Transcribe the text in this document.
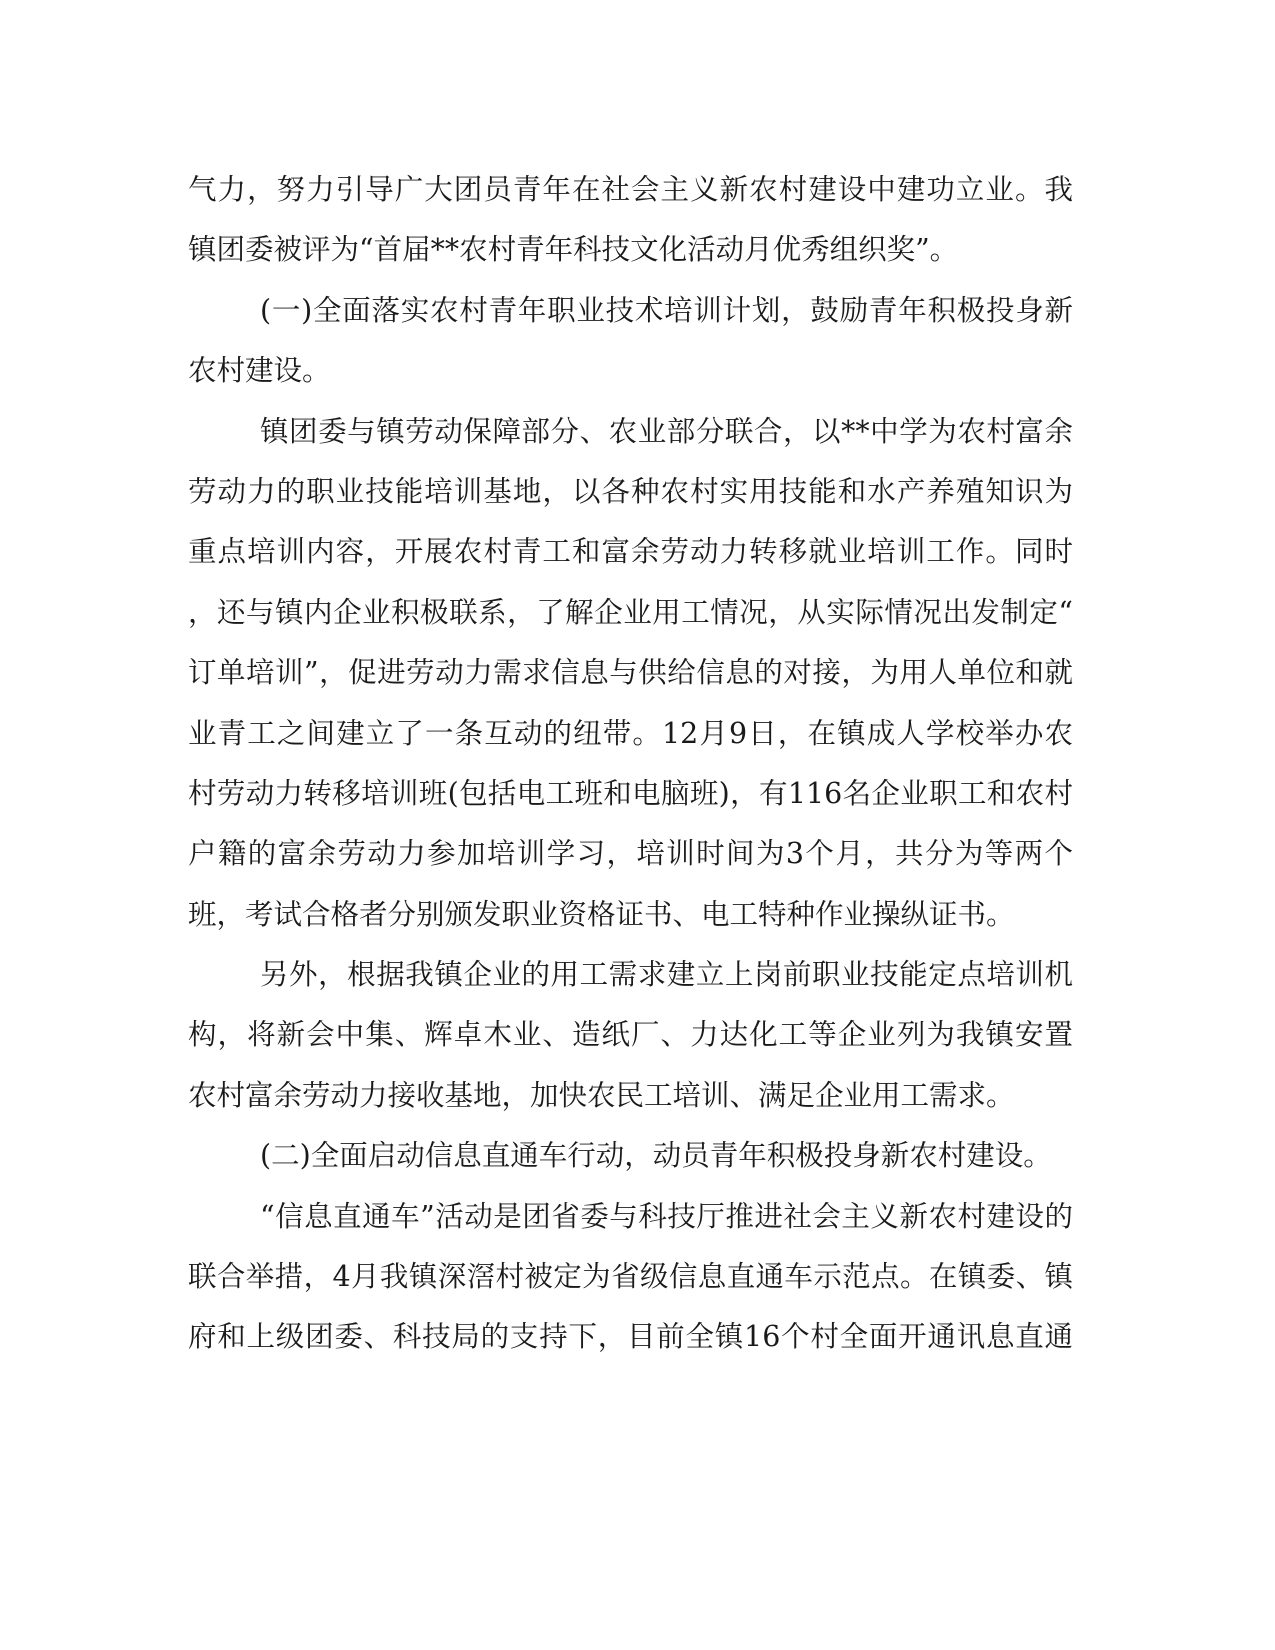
气力，努力引导广大团员青年在社会主义新农村建设中建功立业。我
镇团委被评为“首届**农村青年科技文化活动月优秀组织奖”。
(一)全面落实农村青年职业技术培训计划，鼓励青年积极投身新
农村建设。
镇团委与镇劳动保障部分、农业部分联合，以**中学为农村富余
劳动力的职业技能培训基地，以各种农村实用技能和水产养殖知识为
重点培训内容，开展农村青工和富余劳动力转移就业培训工作。同时
，还与镇内企业积极联系，了解企业用工情况，从实际情况出发制定“
订单培训”，促进劳动力需求信息与供给信息的对接，为用人单位和就
业青工之间建立了一条互动的纽带。12月9日，在镇成人学校举办农
村劳动力转移培训班(包括电工班和电脑班)，有116名企业职工和农村
户籍的富余劳动力参加培训学习，培训时间为3个月，共分为等两个
班，考试合格者分别颁发职业资格证书、电工特种作业操纵证书。
另外，根据我镇企业的用工需求建立上岗前职业技能定点培训机
构，将新会中集、辉卓木业、造纸厂、力达化工等企业列为我镇安置
农村富余劳动力接收基地，加快农民工培训、满足企业用工需求。
(二)全面启动信息直通车行动，动员青年积极投身新农村建设。
“信息直通车”活动是团省委与科技厅推进社会主义新农村建设的
联合举措，4月我镇深滘村被定为省级信息直通车示范点。在镇委、镇
府和上级团委、科技局的支持下，目前全镇16个村全面开通讯息直通
